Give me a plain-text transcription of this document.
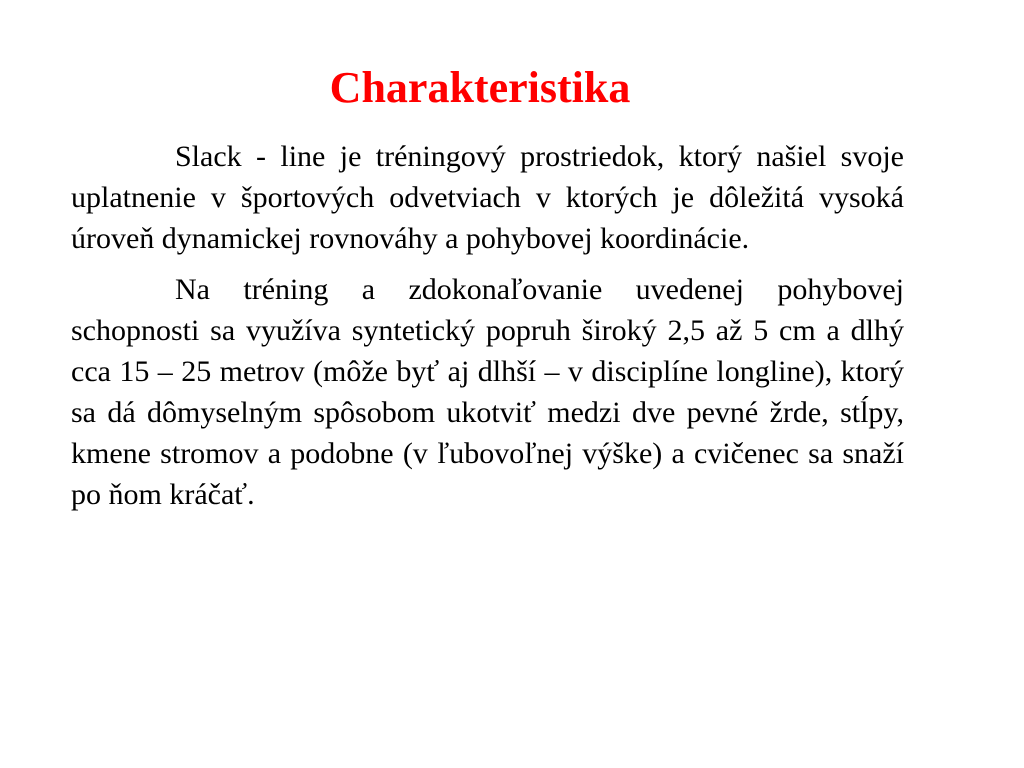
Charakteristika

Slack - line je tréningový prostriedok, ktorý našiel svoje uplatnenie v športových odvetviach v ktorých je dôležitá vysoká úroveň dynamickej rovnováhy a pohybovej koordinácie.

Na tréning a zdokonaľovanie uvedenej pohybovej schopnosti sa využíva syntetický popruh široký 2,5 až 5 cm a dlhý cca 15 – 25 metrov (môže byť aj dlhší – v disciplíne longline), ktorý sa dá dômyselným spôsobom ukotviť medzi dve pevné žrde, stĺpy, kmene stromov a podobne (v ľubovoľnej výške) a cvičenec sa snaží po ňom kráčať.
